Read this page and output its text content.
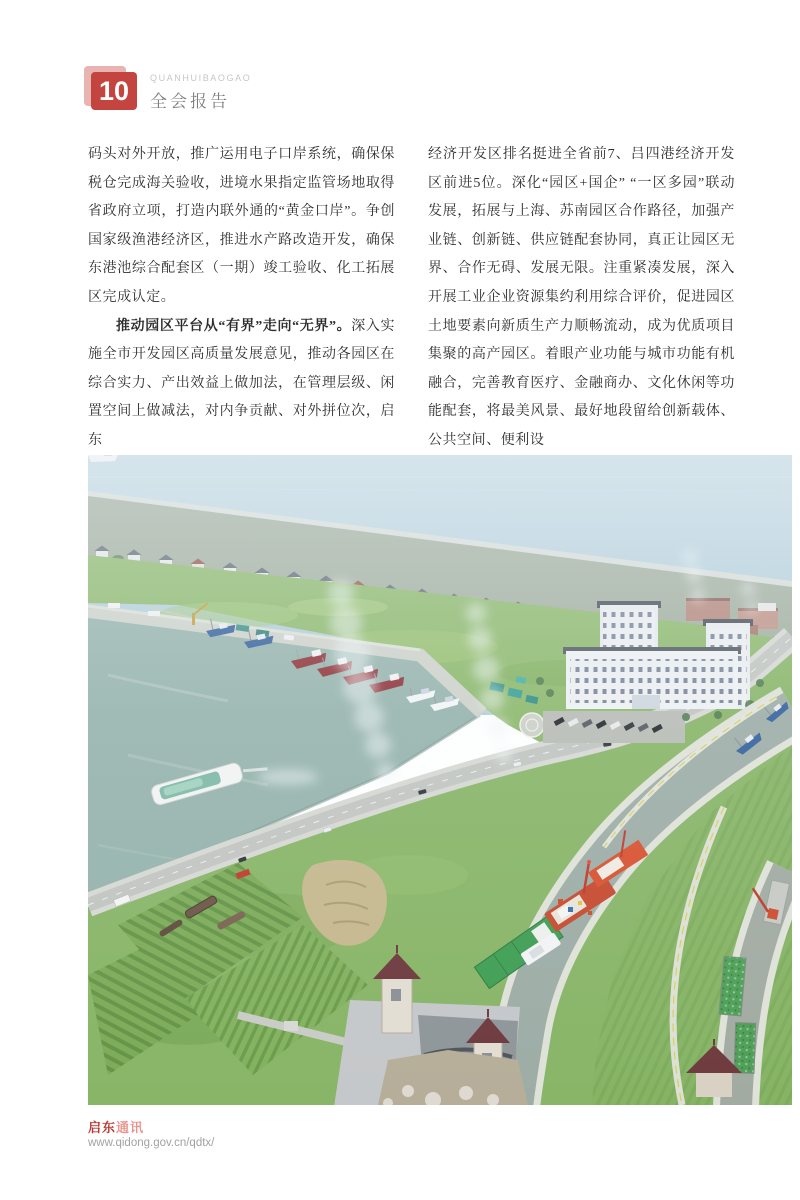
10 QUANHUIBAOGAO
全会报告

码头对外开放，推广运用电子口岸系统，确保保税仓完成海关验收，进境水果指定监管场地取得省政府立项，打造内联外通的“黄金口岸”。争创国家级渔港经济区，推进水产路改造开发，确保东港池综合配套区（一期）竣工验收、化工拓展区完成认定。

推动园区平台从“有界”走向“无界”。深入实施全市开发园区高质量发展意见，推动各园区在综合实力、产出效益上做加法，在管理层级、闲置空间上做减法，对内争贡献、对外拼位次，启东

经济开发区排名挺进全省前7、吕四港经济开发区前进5位。深化“园区+国企” “一区多园”联动发展，拓展与上海、苏南园区合作路径，加强产业链、创新链、供应链配套协同，真正让园区无界、合作无碍、发展无限。注重紧凑发展，深入开展工业企业资源集约利用综合评价，促进园区土地要素向新质生产力顺畅流动，成为优质项目集聚的高产园区。着眼产业功能与城市功能有机融合，完善教育医疗、金融商办、文化休闲等功能配套，将最美风景、最好地段留给创新载体、公共空间、便利设

启东通讯
www.qidong.gov.cn/qdtx/
